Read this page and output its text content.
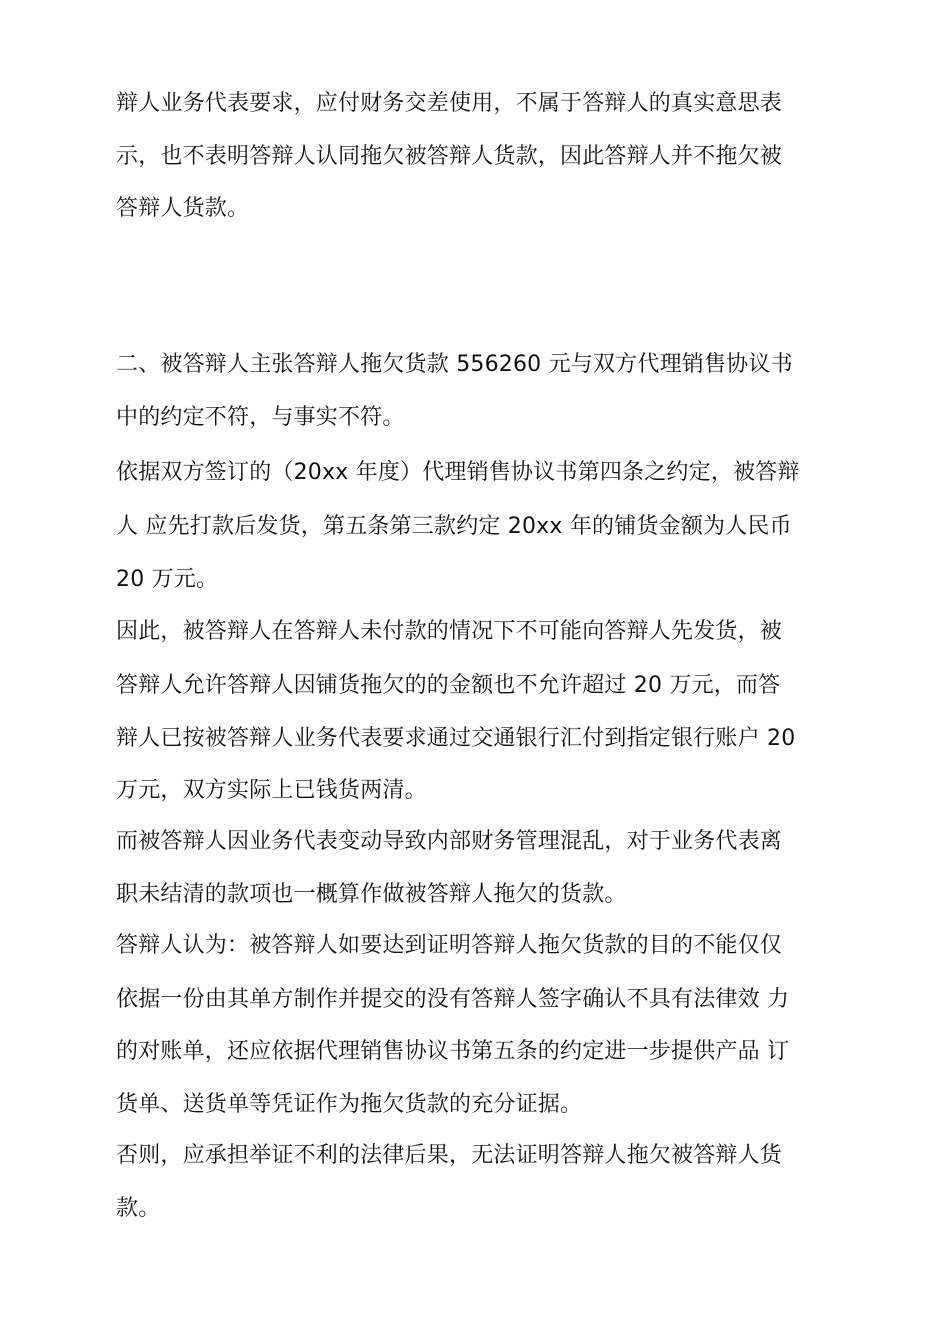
辩人业务代表要求，应付财务交差使用，不属于答辩人的真实意思表
示，也不表明答辩人认同拖欠被答辩人货款，因此答辩人并不拖欠被
答辩人货款。
二、被答辩人主张答辩人拖欠货款 556260 元与双方代理销售协议书
中的约定不符，与事实不符。
依据双方签订的（20xx 年度）代理销售协议书第四条之约定，被答辩
人 应先打款后发货，第五条第三款约定 20xx 年的铺货金额为人民币
20 万元。
因此，被答辩人在答辩人未付款的情况下不可能向答辩人先发货，被
答辩人允许答辩人因铺货拖欠的的金额也不允许超过 20 万元，而答
辩人已按被答辩人业务代表要求通过交通银行汇付到指定银行账户 20
万元，双方实际上已钱货两清。
而被答辩人因业务代表变动导致内部财务管理混乱，对于业务代表离
职未结清的款项也一概算作做被答辩人拖欠的货款。
答辩人认为：被答辩人如要达到证明答辩人拖欠货款的目的不能仅仅
依据一份由其单方制作并提交的没有答辩人签字确认不具有法律效 力
的对账单，还应依据代理销售协议书第五条的约定进一步提供产品 订
货单、送货单等凭证作为拖欠货款的充分证据。
否则，应承担举证不利的法律后果，无法证明答辩人拖欠被答辩人货
款。
